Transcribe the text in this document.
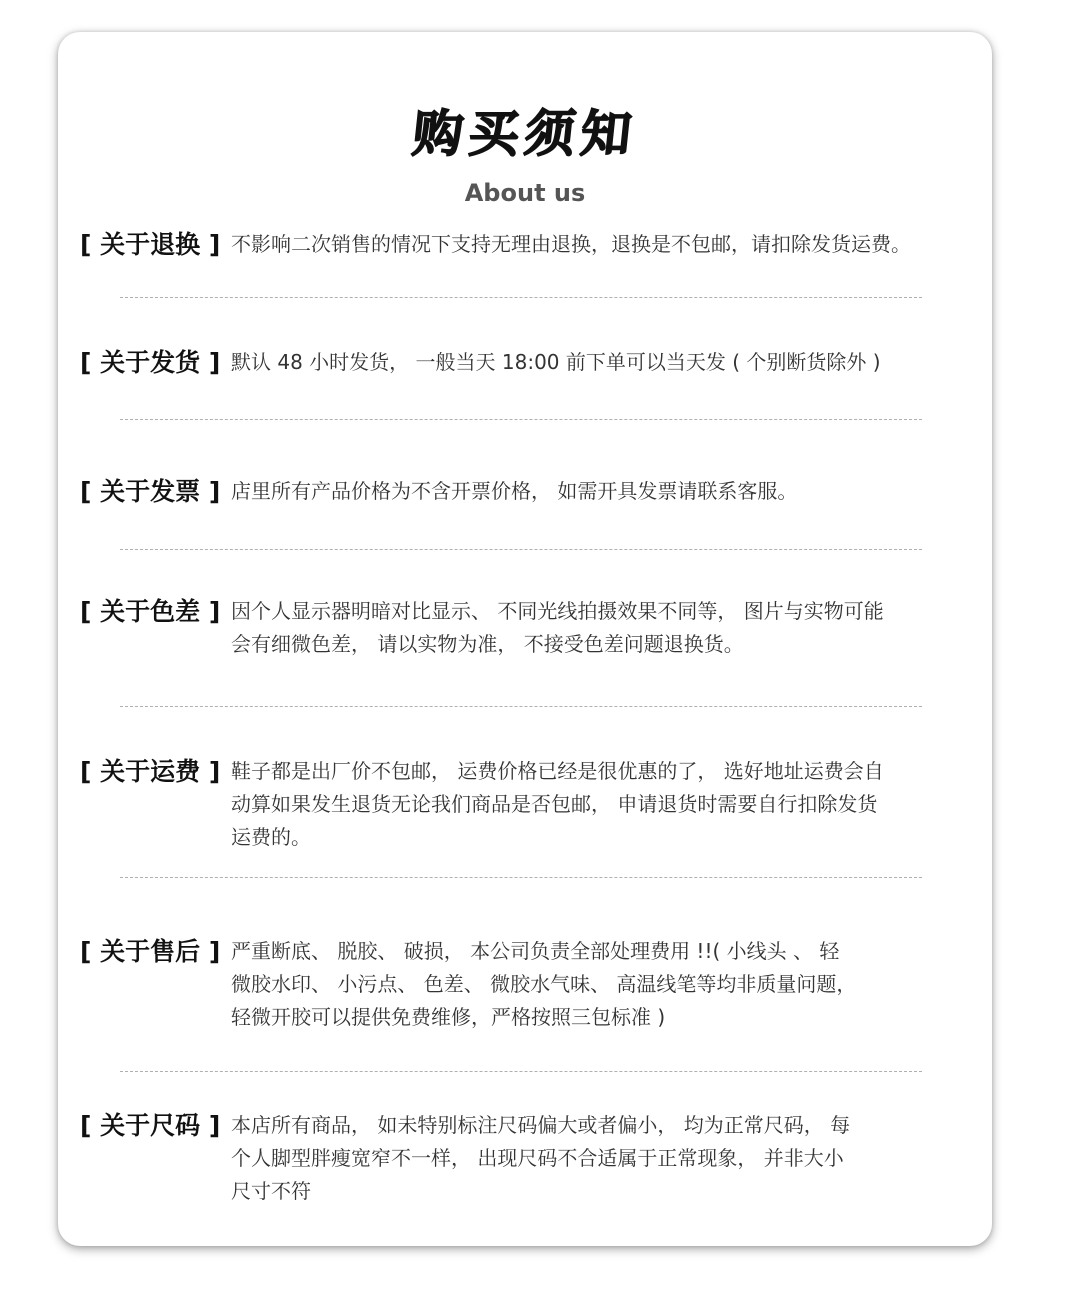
购买须知
About us
[ 关于退换 ] 不影响二次销售的情况下支持无理由退换，退换是不包邮，请扣除发货运费。
[ 关于发货 ] 默认 48 小时发货， 一般当天 18:00 前下单可以当天发 ( 个别断货除外 )
[ 关于发票 ] 店里所有产品价格为不含开票价格， 如需开具发票请联系客服。
[ 关于色差 ] 因个人显示器明暗对比显示、 不同光线拍摄效果不同等， 图片与实物可能
会有细微色差， 请以实物为准， 不接受色差问题退换货。
[ 关于运费 ] 鞋子都是出厂价不包邮， 运费价格已经是很优惠的了， 选好地址运费会自
动算如果发生退货无论我们商品是否包邮， 申请退货时需要自行扣除发货
运费的。
[ 关于售后 ] 严重断底、 脱胶、 破损， 本公司负责全部处理费用 !!( 小线头 、 轻
微胶水印、 小污点、 色差、 微胶水气味、 高温线笔等均非质量问题，
轻微开胶可以提供免费维修，严格按照三包标准 )
[ 关于尺码 ] 本店所有商品， 如未特别标注尺码偏大或者偏小， 均为正常尺码， 每
个人脚型胖瘦宽窄不一样， 出现尺码不合适属于正常现象， 并非大小
尺寸不符
